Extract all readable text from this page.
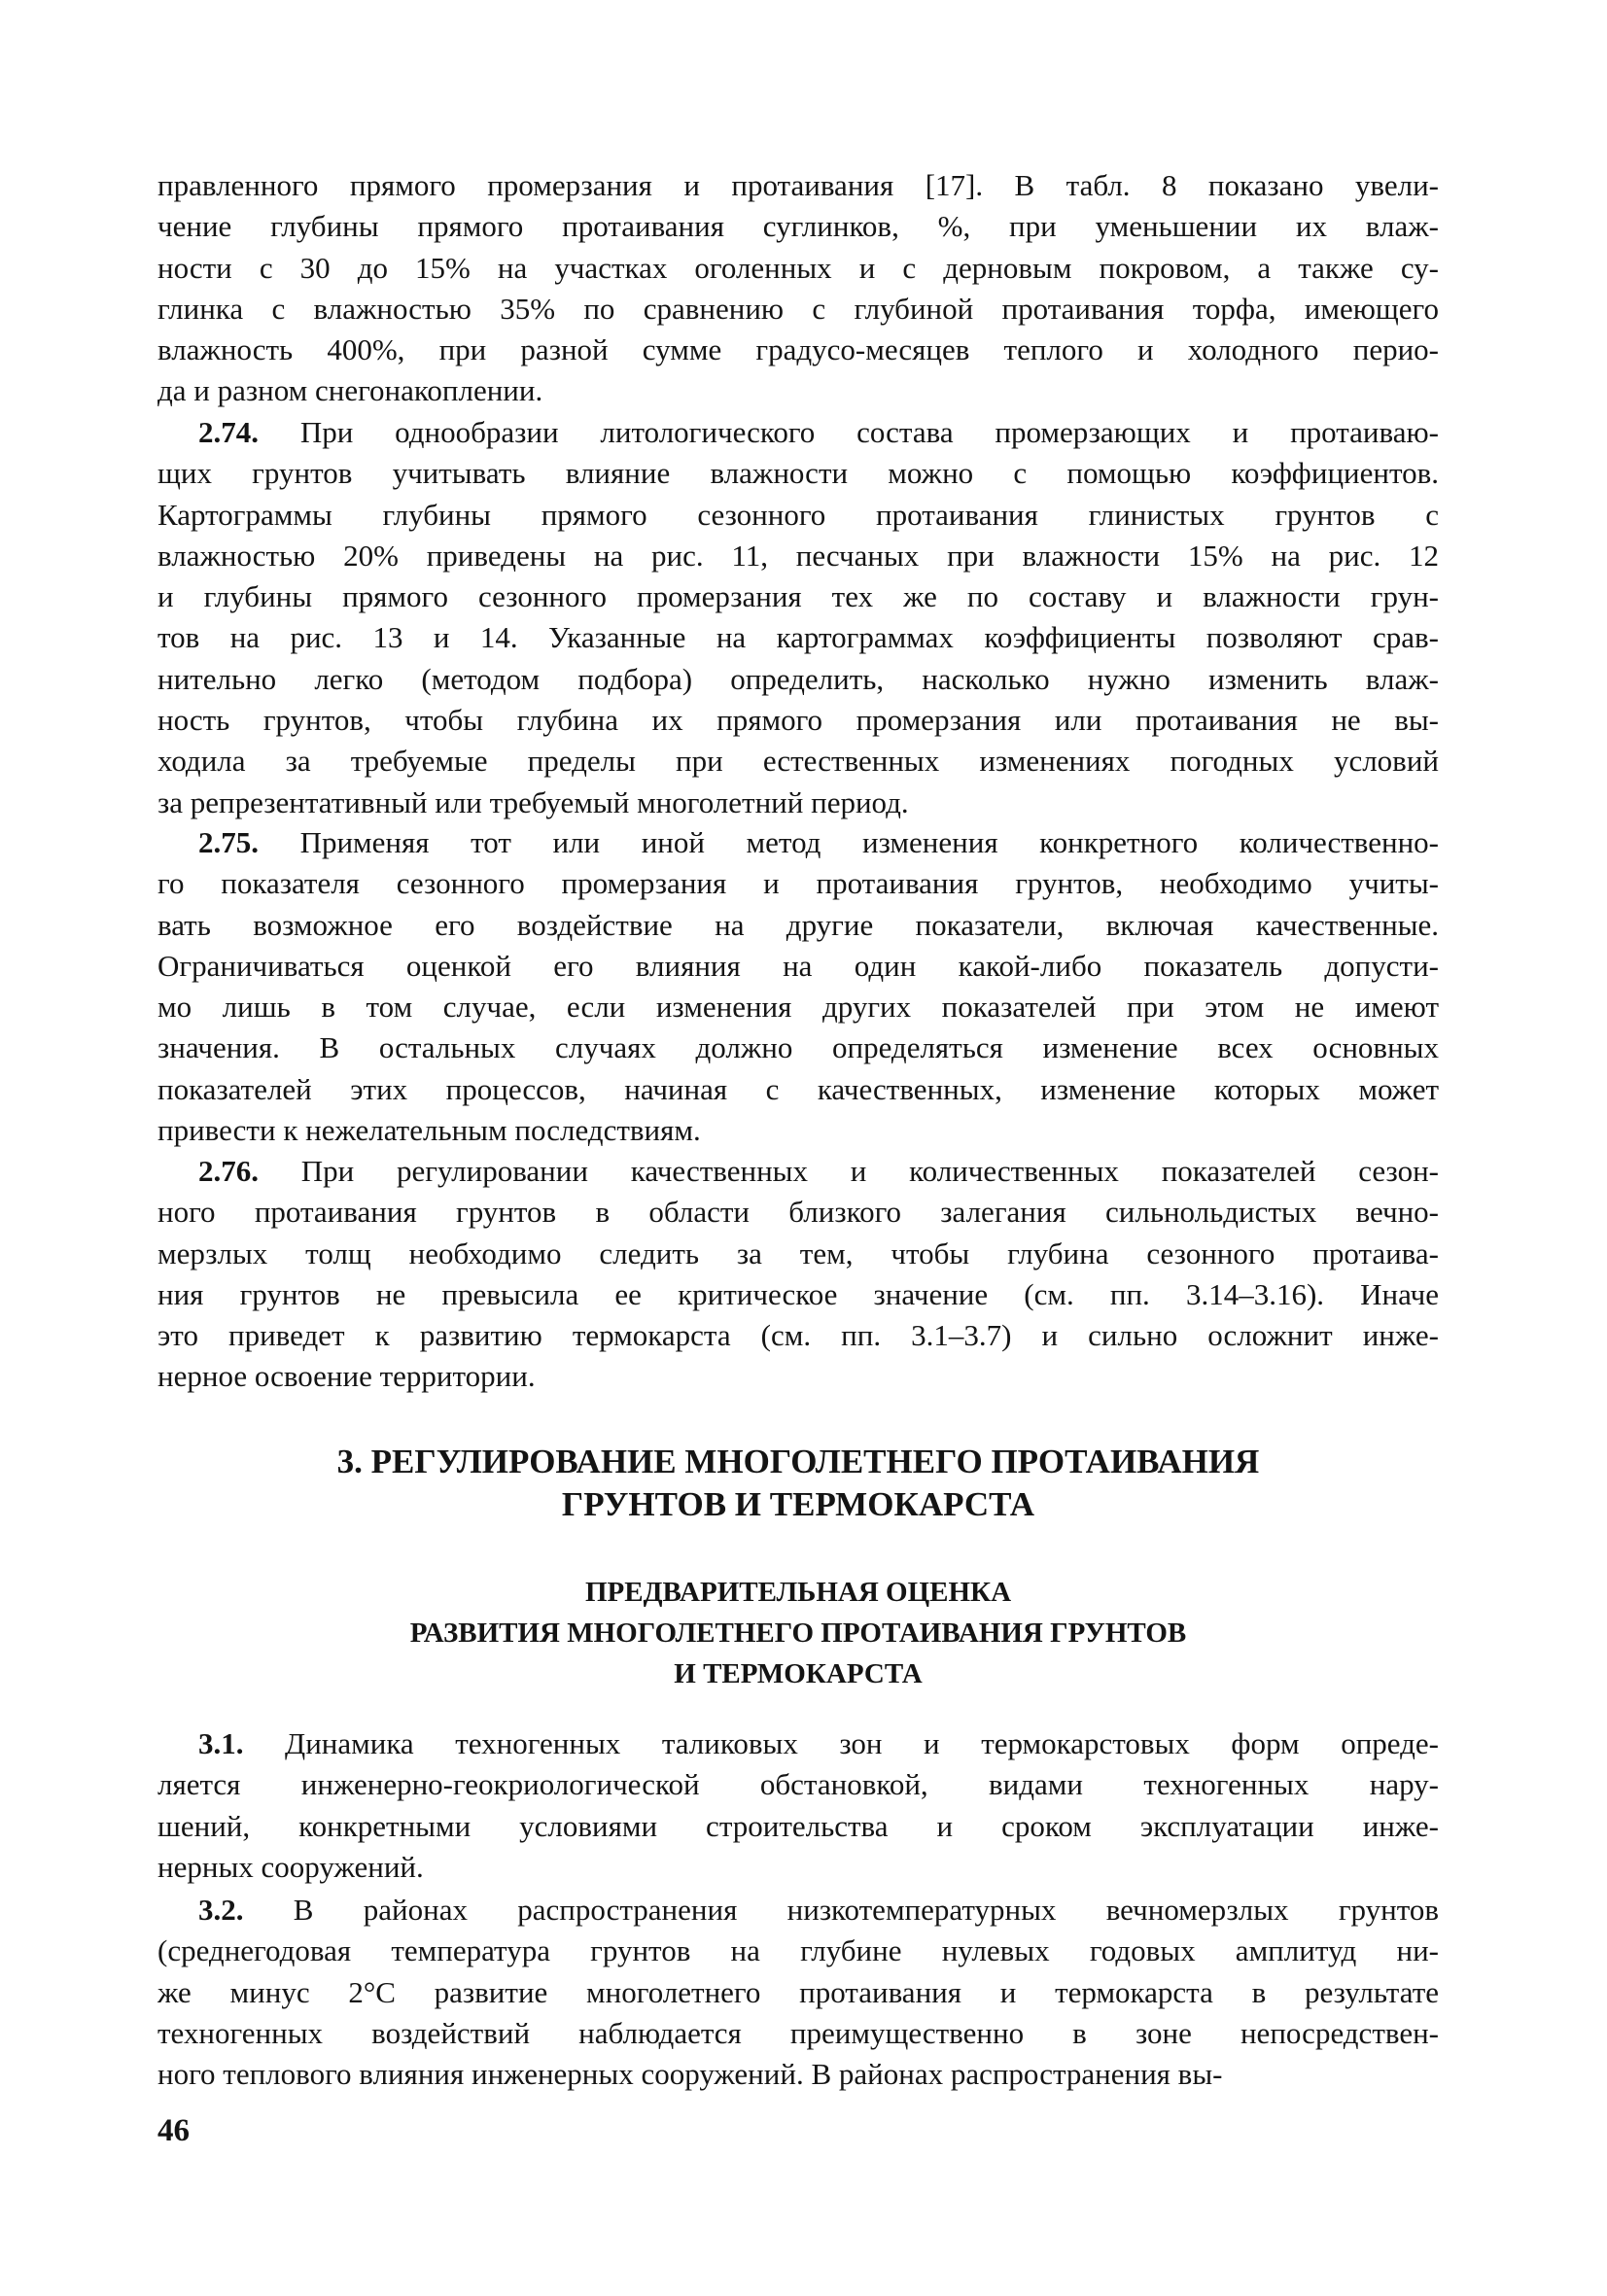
правленного прямого промерзания и протаивания [17]. В табл. 8 показано увели-
чение глубины прямого протаивания суглинков, %, при уменьшении их влаж-
ности с 30 до 15% на участках оголенных и с дерновым покровом, а также су-
глинка с влажностью 35% по сравнению с глубиной протаивания торфа, имеющего
влажность 400%, при разной сумме градусо-месяцев теплого и холодного перио-
да и разном снегонакоплении.
2.74. При однообразии литологического состава промерзающих и протаиваю-
щих грунтов учитывать влияние влажности можно с помощью коэффициентов.
Картограммы глубины прямого сезонного протаивания глинистых грунтов с
влажностью 20% приведены на рис. 11, песчаных при влажности 15% на рис. 12
и глубины прямого сезонного промерзания тех же по составу и влажности грун-
тов на рис. 13 и 14. Указанные на картограммах коэффициенты позволяют срав-
нительно легко (методом подбора) определить, насколько нужно изменить влаж-
ность грунтов, чтобы глубина их прямого промерзания или протаивания не вы-
ходила за требуемые пределы при естественных изменениях погодных условий
за репрезентативный или требуемый многолетний период.
2.75. Применяя тот или иной метод изменения конкретного количественно-
го показателя сезонного промерзания и протаивания грунтов, необходимо учиты-
вать возможное его воздействие на другие показатели, включая качественные.
Ограничиваться оценкой его влияния на один какой-либо показатель допусти-
мо лишь в том случае, если изменения других показателей при этом не имеют
значения. В остальных случаях должно определяться изменение всех основных
показателей этих процессов, начиная с качественных, изменение которых может
привести к нежелательным последствиям.
2.76. При регулировании качественных и количественных показателей сезон-
ного протаивания грунтов в области близкого залегания сильнольдистых вечно-
мерзлых толщ необходимо следить за тем, чтобы глубина сезонного протаива-
ния грунтов не превысила ее критическое значение (см. пп. 3.14–3.16). Иначе
это приведет к развитию термокарста (см. пп. 3.1–3.7) и сильно осложнит инже-
нерное освоение территории.
3. РЕГУЛИРОВАНИЕ МНОГОЛЕТНЕГО ПРОТАИВАНИЯ
ГРУНТОВ И ТЕРМОКАРСТА
ПРЕДВАРИТЕЛЬНАЯ ОЦЕНКА
РАЗВИТИЯ МНОГОЛЕТНЕГО ПРОТАИВАНИЯ ГРУНТОВ
И ТЕРМОКАРСТА
3.1. Динамика техногенных таликовых зон и термокарстовых форм опреде-
ляется инженерно-геокриологической обстановкой, видами техногенных нару-
шений, конкретными условиями строительства и сроком эксплуатации инже-
нерных сооружений.
3.2. В районах распространения низкотемпературных вечномерзлых грунтов
(среднегодовая температура грунтов на глубине нулевых годовых амплитуд ни-
же минус 2°С развитие многолетнего протаивания и термокарста в результате
техногенных воздействий наблюдается преимущественно в зоне непосредствен-
ного теплового влияния инженерных сооружений. В районах распространения вы-
46
